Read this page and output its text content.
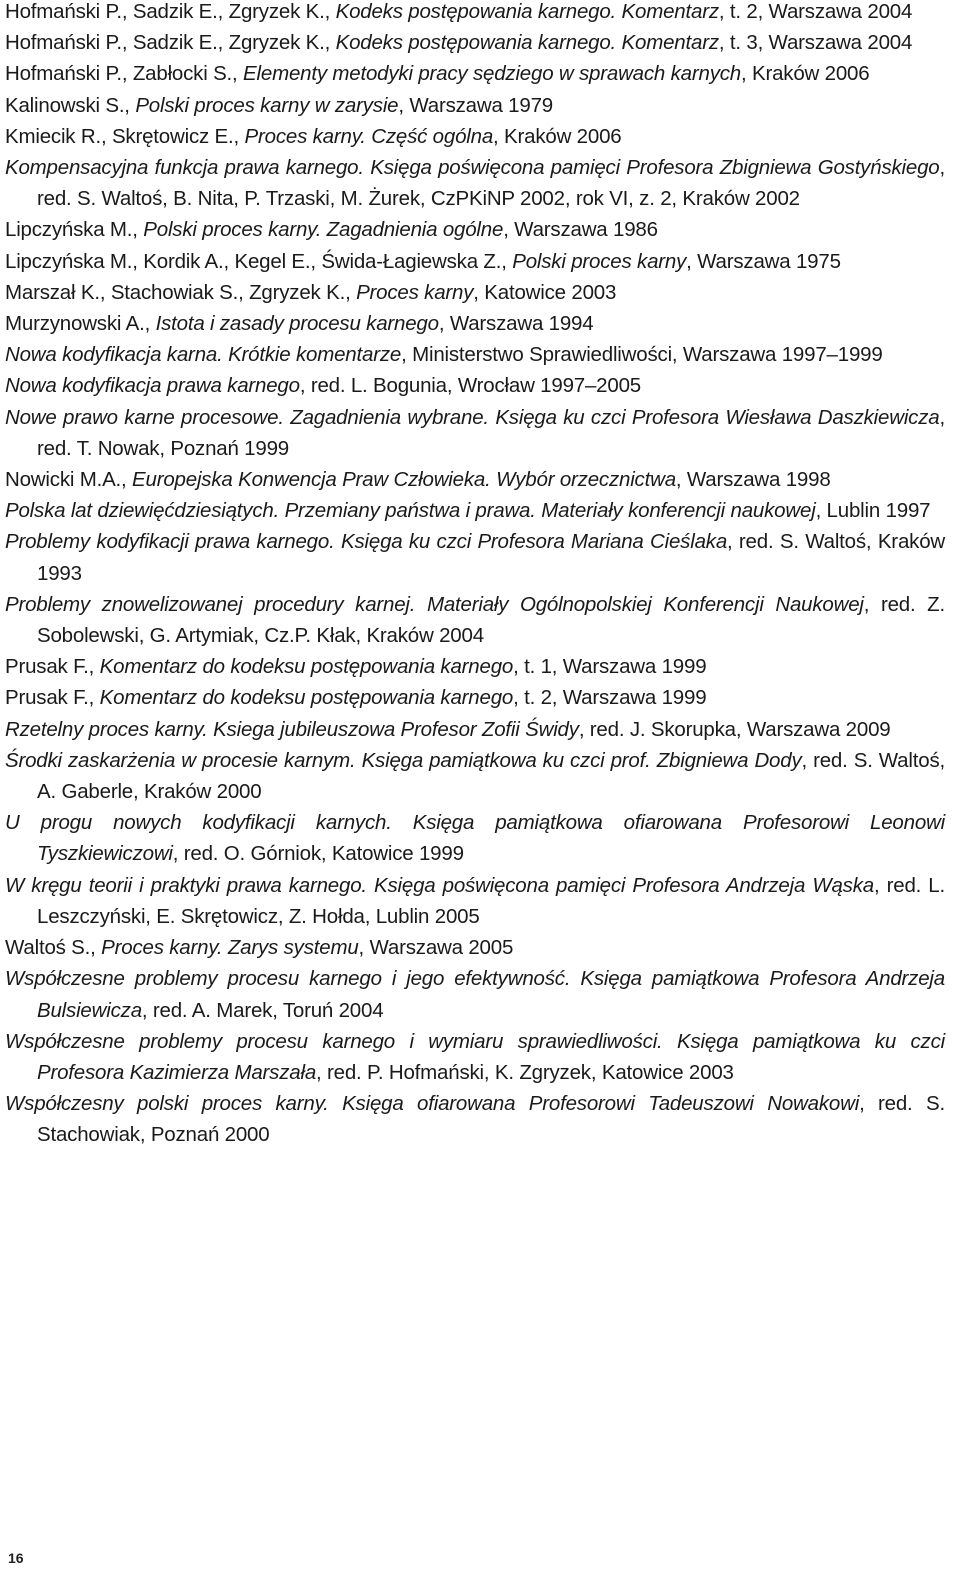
Hofmański P., Sadzik E., Zgryzek K., Kodeks postępowania karnego. Komentarz, t. 2, Warszawa 2004
Hofmański P., Sadzik E., Zgryzek K., Kodeks postępowania karnego. Komentarz, t. 3, Warszawa 2004
Hofmański P., Zabłocki S., Elementy metodyki pracy sędziego w sprawach karnych, Kraków 2006
Kalinowski S., Polski proces karny w zarysie, Warszawa 1979
Kmiecik R., Skrętowicz E., Proces karny. Część ogólna, Kraków 2006
Kompensacyjna funkcja prawa karnego. Księga poświęcona pamięci Profesora Zbigniewa Gostyńskiego, red. S. Waltoś, B. Nita, P. Trzaski, M. Żurek, CzPKiNP 2002, rok VI, z. 2, Kraków 2002
Lipczyńska M., Polski proces karny. Zagadnienia ogólne, Warszawa 1986
Lipczyńska M., Kordik A., Kegel E., Świda-Łagiewska Z., Polski proces karny, Warszawa 1975
Marszał K., Stachowiak S., Zgryzek K., Proces karny, Katowice 2003
Murzynowski A., Istota i zasady procesu karnego, Warszawa 1994
Nowa kodyfikacja karna. Krótkie komentarze, Ministerstwo Sprawiedliwości, Warszawa 1997–1999
Nowa kodyfikacja prawa karnego, red. L. Bogunia, Wrocław 1997–2005
Nowe prawo karne procesowe. Zagadnienia wybrane. Księga ku czci Profesora Wiesława Daszkiewicza, red. T. Nowak, Poznań 1999
Nowicki M.A., Europejska Konwencja Praw Człowieka. Wybór orzecznictwa, Warszawa 1998
Polska lat dziewięćdziesiątych. Przemiany państwa i prawa. Materiały konferencji naukowej, Lublin 1997
Problemy kodyfikacji prawa karnego. Księga ku czci Profesora Mariana Cieślaka, red. S. Waltoś, Kraków 1993
Problemy znowelizowanej procedury karnej. Materiały Ogólnopolskiej Konferencji Naukowej, red. Z. Sobolewski, G. Artymiak, Cz.P. Kłak, Kraków 2004
Prusak F., Komentarz do kodeksu postępowania karnego, t. 1, Warszawa 1999
Prusak F., Komentarz do kodeksu postępowania karnego, t. 2, Warszawa 1999
Rzetelny proces karny. Ksiega jubileuszowa Profesor Zofii Świdy, red. J. Skorupka, Warszawa 2009
Środki zaskarżenia w procesie karnym. Księga pamiątkowa ku czci prof. Zbigniewa Dody, red. S. Waltoś, A. Gaberle, Kraków 2000
U progu nowych kodyfikacji karnych. Księga pamiątkowa ofiarowana Profesorowi Leonowi Tyszkiewiczowi, red. O. Górniok, Katowice 1999
W kręgu teorii i praktyki prawa karnego. Księga poświęcona pamięci Profesora Andrzeja Wąska, red. L. Leszczyński, E. Skrętowicz, Z. Hołda, Lublin 2005
Waltoś S., Proces karny. Zarys systemu, Warszawa 2005
Współczesne problemy procesu karnego i jego efektywność. Księga pamiątkowa Profesora Andrzeja Bulsiewicza, red. A. Marek, Toruń 2004
Współczesne problemy procesu karnego i wymiaru sprawiedliwości. Księga pamiątkowa ku czci Profesora Kazimierza Marszała, red. P. Hofmański, K. Zgryzek, Katowice 2003
Współczesny polski proces karny. Księga ofiarowana Profesorowi Tadeuszowi Nowakowi, red. S. Stachowiak, Poznań 2000
16
